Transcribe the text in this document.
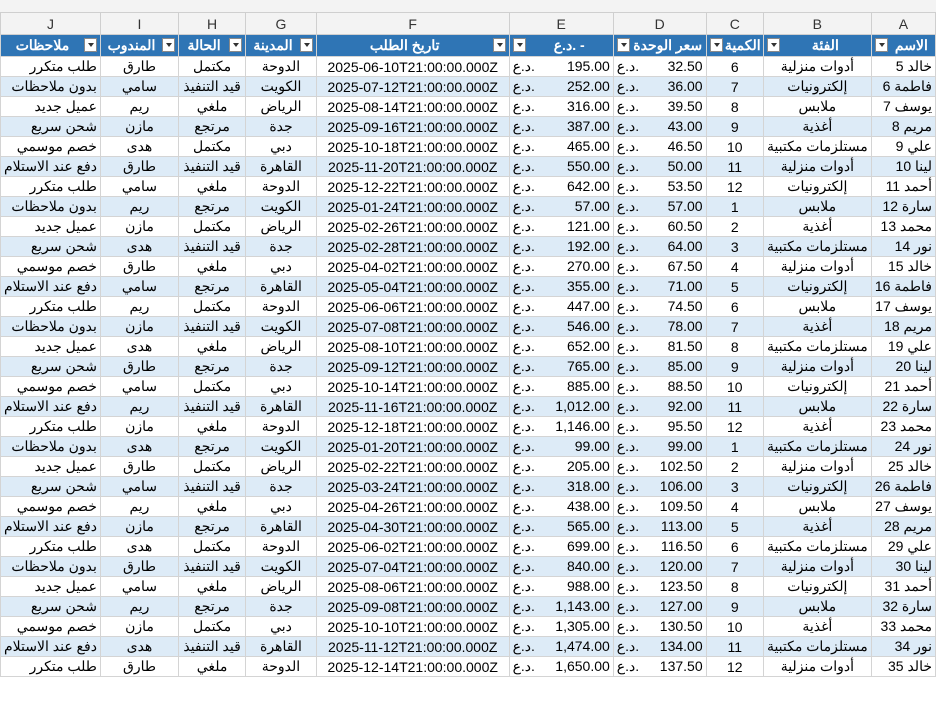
J	I	H	G	F	E	D	C	B	A
ملاحظات	المندوب	الحالة	المدينة	تاريخ الطلب	د.ع. -	سعر الوحدة	الكمية	الفئة	الاسم
طلب متكرر	طارق	مكتمل	الدوحة	2025-06-10T21:00:00.000Z	د.ع. 195.00	د.ع. 32.50	6	أدوات منزلية	خالد 5
بدون ملاحظات	سامي	قيد التنفيذ	الكويت	2025-07-12T21:00:00.000Z	د.ع. 252.00	د.ع. 36.00	7	إلكترونيات	فاطمة 6
عميل جديد	ريم	ملغي	الرياض	2025-08-14T21:00:00.000Z	د.ع. 316.00	د.ع. 39.50	8	ملابس	يوسف 7
شحن سريع	مازن	مرتجع	جدة	2025-09-16T21:00:00.000Z	د.ع. 387.00	د.ع. 43.00	9	أغذية	مريم 8
خصم موسمي	هدى	مكتمل	دبي	2025-10-18T21:00:00.000Z	د.ع. 465.00	د.ع. 46.50	10	مستلزمات مكتبية	علي 9
دفع عند الاستلام	طارق	قيد التنفيذ	القاهرة	2025-11-20T21:00:00.000Z	د.ع. 550.00	د.ع. 50.00	11	أدوات منزلية	لينا 10
طلب متكرر	سامي	ملغي	الدوحة	2025-12-22T21:00:00.000Z	د.ع. 642.00	د.ع. 53.50	12	إلكترونيات	أحمد 11
بدون ملاحظات	ريم	مرتجع	الكويت	2025-01-24T21:00:00.000Z	د.ع. 57.00	د.ع. 57.00	1	ملابس	سارة 12
عميل جديد	مازن	مكتمل	الرياض	2025-02-26T21:00:00.000Z	د.ع. 121.00	د.ع. 60.50	2	أغذية	محمد 13
شحن سريع	هدى	قيد التنفيذ	جدة	2025-02-28T21:00:00.000Z	د.ع. 192.00	د.ع. 64.00	3	مستلزمات مكتبية	نور 14
خصم موسمي	طارق	ملغي	دبي	2025-04-02T21:00:00.000Z	د.ع. 270.00	د.ع. 67.50	4	أدوات منزلية	خالد 15
دفع عند الاستلام	سامي	مرتجع	القاهرة	2025-05-04T21:00:00.000Z	د.ع. 355.00	د.ع. 71.00	5	إلكترونيات	فاطمة 16
طلب متكرر	ريم	مكتمل	الدوحة	2025-06-06T21:00:00.000Z	د.ع. 447.00	د.ع. 74.50	6	ملابس	يوسف 17
بدون ملاحظات	مازن	قيد التنفيذ	الكويت	2025-07-08T21:00:00.000Z	د.ع. 546.00	د.ع. 78.00	7	أغذية	مريم 18
عميل جديد	هدى	ملغي	الرياض	2025-08-10T21:00:00.000Z	د.ع. 652.00	د.ع. 81.50	8	مستلزمات مكتبية	علي 19
شحن سريع	طارق	مرتجع	جدة	2025-09-12T21:00:00.000Z	د.ع. 765.00	د.ع. 85.00	9	أدوات منزلية	لينا 20
خصم موسمي	سامي	مكتمل	دبي	2025-10-14T21:00:00.000Z	د.ع. 885.00	د.ع. 88.50	10	إلكترونيات	أحمد 21
دفع عند الاستلام	ريم	قيد التنفيذ	القاهرة	2025-11-16T21:00:00.000Z	د.ع. 1,012.00	د.ع. 92.00	11	ملابس	سارة 22
طلب متكرر	مازن	ملغي	الدوحة	2025-12-18T21:00:00.000Z	د.ع. 1,146.00	د.ع. 95.50	12	أغذية	محمد 23
بدون ملاحظات	هدى	مرتجع	الكويت	2025-01-20T21:00:00.000Z	د.ع. 99.00	د.ع. 99.00	1	مستلزمات مكتبية	نور 24
عميل جديد	طارق	مكتمل	الرياض	2025-02-22T21:00:00.000Z	د.ع. 205.00	د.ع. 102.50	2	أدوات منزلية	خالد 25
شحن سريع	سامي	قيد التنفيذ	جدة	2025-03-24T21:00:00.000Z	د.ع. 318.00	د.ع. 106.00	3	إلكترونيات	فاطمة 26
خصم موسمي	ريم	ملغي	دبي	2025-04-26T21:00:00.000Z	د.ع. 438.00	د.ع. 109.50	4	ملابس	يوسف 27
دفع عند الاستلام	مازن	مرتجع	القاهرة	2025-04-30T21:00:00.000Z	د.ع. 565.00	د.ع. 113.00	5	أغذية	مريم 28
طلب متكرر	هدى	مكتمل	الدوحة	2025-06-02T21:00:00.000Z	د.ع. 699.00	د.ع. 116.50	6	مستلزمات مكتبية	علي 29
بدون ملاحظات	طارق	قيد التنفيذ	الكويت	2025-07-04T21:00:00.000Z	د.ع. 840.00	د.ع. 120.00	7	أدوات منزلية	لينا 30
عميل جديد	سامي	ملغي	الرياض	2025-08-06T21:00:00.000Z	د.ع. 988.00	د.ع. 123.50	8	إلكترونيات	أحمد 31
شحن سريع	ريم	مرتجع	جدة	2025-09-08T21:00:00.000Z	د.ع. 1,143.00	د.ع. 127.00	9	ملابس	سارة 32
خصم موسمي	مازن	مكتمل	دبي	2025-10-10T21:00:00.000Z	د.ع. 1,305.00	د.ع. 130.50	10	أغذية	محمد 33
دفع عند الاستلام	هدى	قيد التنفيذ	القاهرة	2025-11-12T21:00:00.000Z	د.ع. 1,474.00	د.ع. 134.00	11	مستلزمات مكتبية	نور 34
طلب متكرر	طارق	ملغي	الدوحة	2025-12-14T21:00:00.000Z	د.ع. 1,650.00	د.ع. 137.50	12	أدوات منزلية	خالد 35
